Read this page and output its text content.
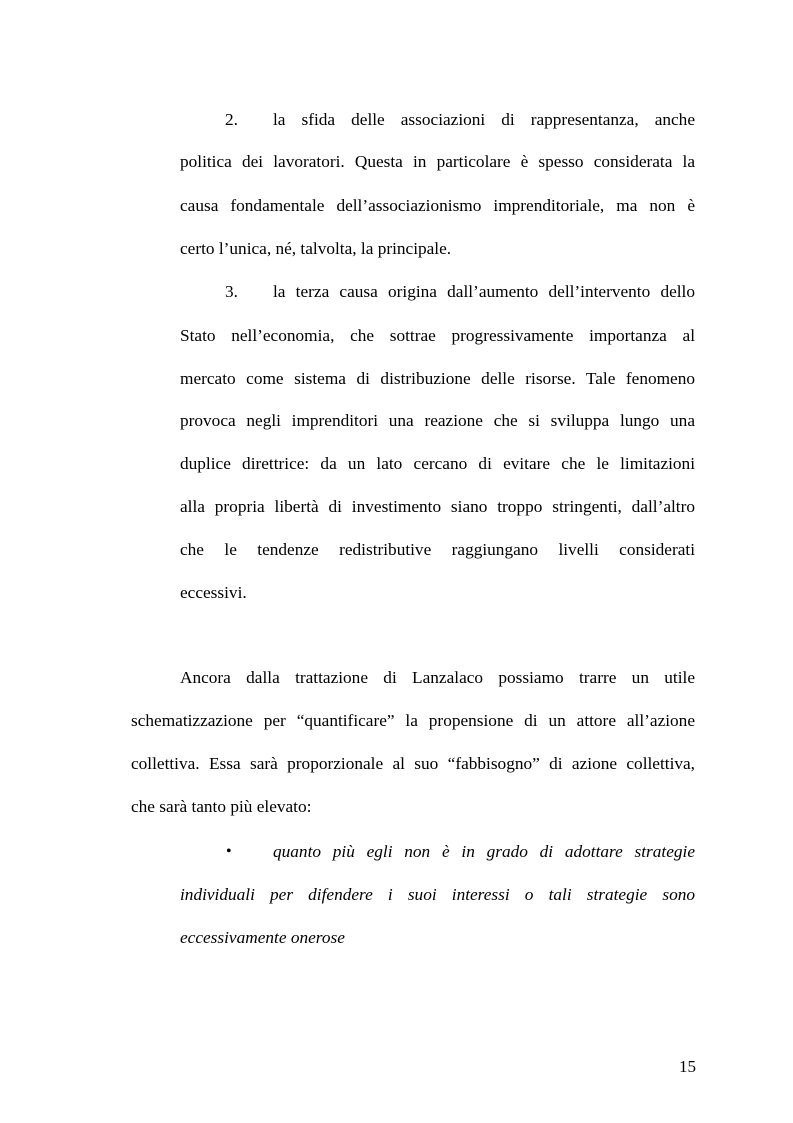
2. la sfida delle associazioni di rappresentanza, anche
politica dei lavoratori. Questa in particolare è spesso considerata la
causa fondamentale dell’associazionismo imprenditoriale, ma non è
certo l’unica, né, talvolta, la principale.
3. la terza causa origina dall’aumento dell’intervento dello
Stato nell’economia, che sottrae progressivamente importanza al
mercato come sistema di distribuzione delle risorse. Tale fenomeno
provoca negli imprenditori una reazione che si sviluppa lungo una
duplice direttrice: da un lato cercano di evitare che le limitazioni
alla propria libertà di investimento siano troppo stringenti, dall’altro
che le tendenze redistributive raggiungano livelli considerati
eccessivi.
Ancora dalla trattazione di Lanzalaco possiamo trarre un utile
schematizzazione per “quantificare” la propensione di un attore all’azione
collettiva. Essa sarà proporzionale al suo “fabbisogno” di azione collettiva,
che sarà tanto più elevato:
• quanto più egli non è in grado di adottare strategie
individuali per difendere i suoi interessi o tali strategie sono
eccessivamente onerose
15
